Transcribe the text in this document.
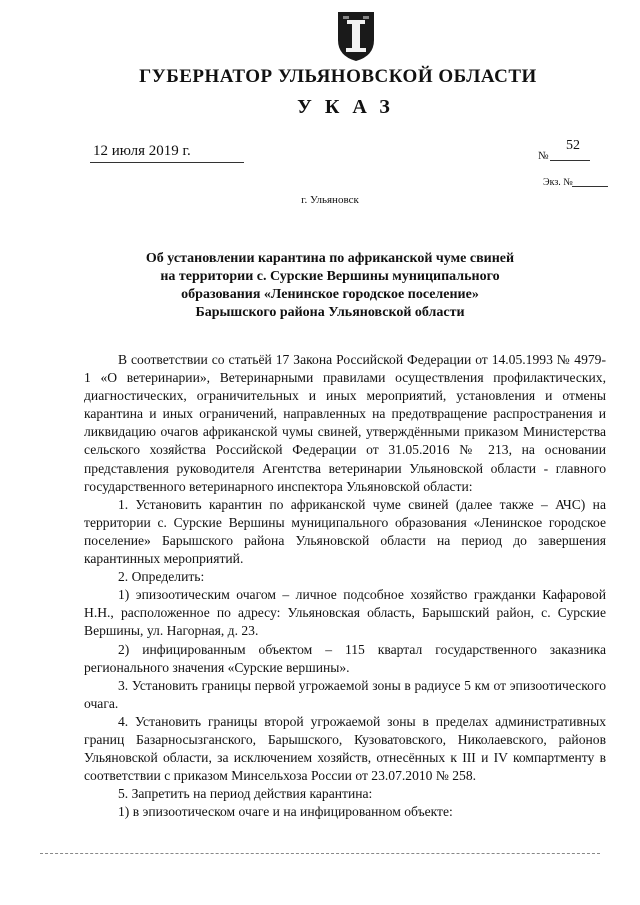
ГУБЕРНАТОР УЛЬЯНОВСКОЙ ОБЛАСТИ
УКАЗ
12 июля 2019 г.	№
52
Экз. №
г. Ульяновск
Об установлении карантина по африканской чуме свиней
на территории с. Сурские Вершины муниципального
образования «Ленинское городское поселение»
Барышского района Ульяновской области

В соответствии со статьёй 17 Закона Российской Федерации от 14.05.1993 № 4979-1 «О ветеринарии», Ветеринарными правилами осуществления профилактических, диагностических, ограничительных и иных мероприятий, установления и отмены карантина и иных ограничений, направленных на предотвращение распространения и ликвидацию очагов африканской чумы свиней, утверждёнными приказом Министерства сельского хозяйства Российской Федерации от 31.05.2016 № 213, на основании представления руководителя Агентства ветеринарии Ульяновской области - главного государственного ветеринарного инспектора Ульяновской области:

1. Установить карантин по африканской чуме свиней (далее также – АЧС) на территории с. Сурские Вершины муниципального образования «Ленинское городское поселение» Барышского района Ульяновской области на период до завершения карантинных мероприятий.

2. Определить:

1) эпизоотическим очагом – личное подсобное хозяйство гражданки Кафаровой Н.Н., расположенное по адресу: Ульяновская область, Барышский район, с. Сурские Вершины, ул. Нагорная, д. 23.

2) инфицированным объектом – 115 квартал государственного заказника регионального значения «Сурские вершины».

3. Установить границы первой угрожаемой зоны в радиусе 5 км от эпизоотического очага.

4. Установить границы второй угрожаемой зоны в пределах административных границ Базарносызганского, Барышского, Кузоватовского, Николаевского, районов Ульяновской области, за исключением хозяйств, отнесённых к III и IV компартменту в соответствии с приказом Минсельхоза России от 23.07.2010 № 258.

5. Запретить на период действия карантина:

1) в эпизоотическом очаге и на инфицированном объекте:
